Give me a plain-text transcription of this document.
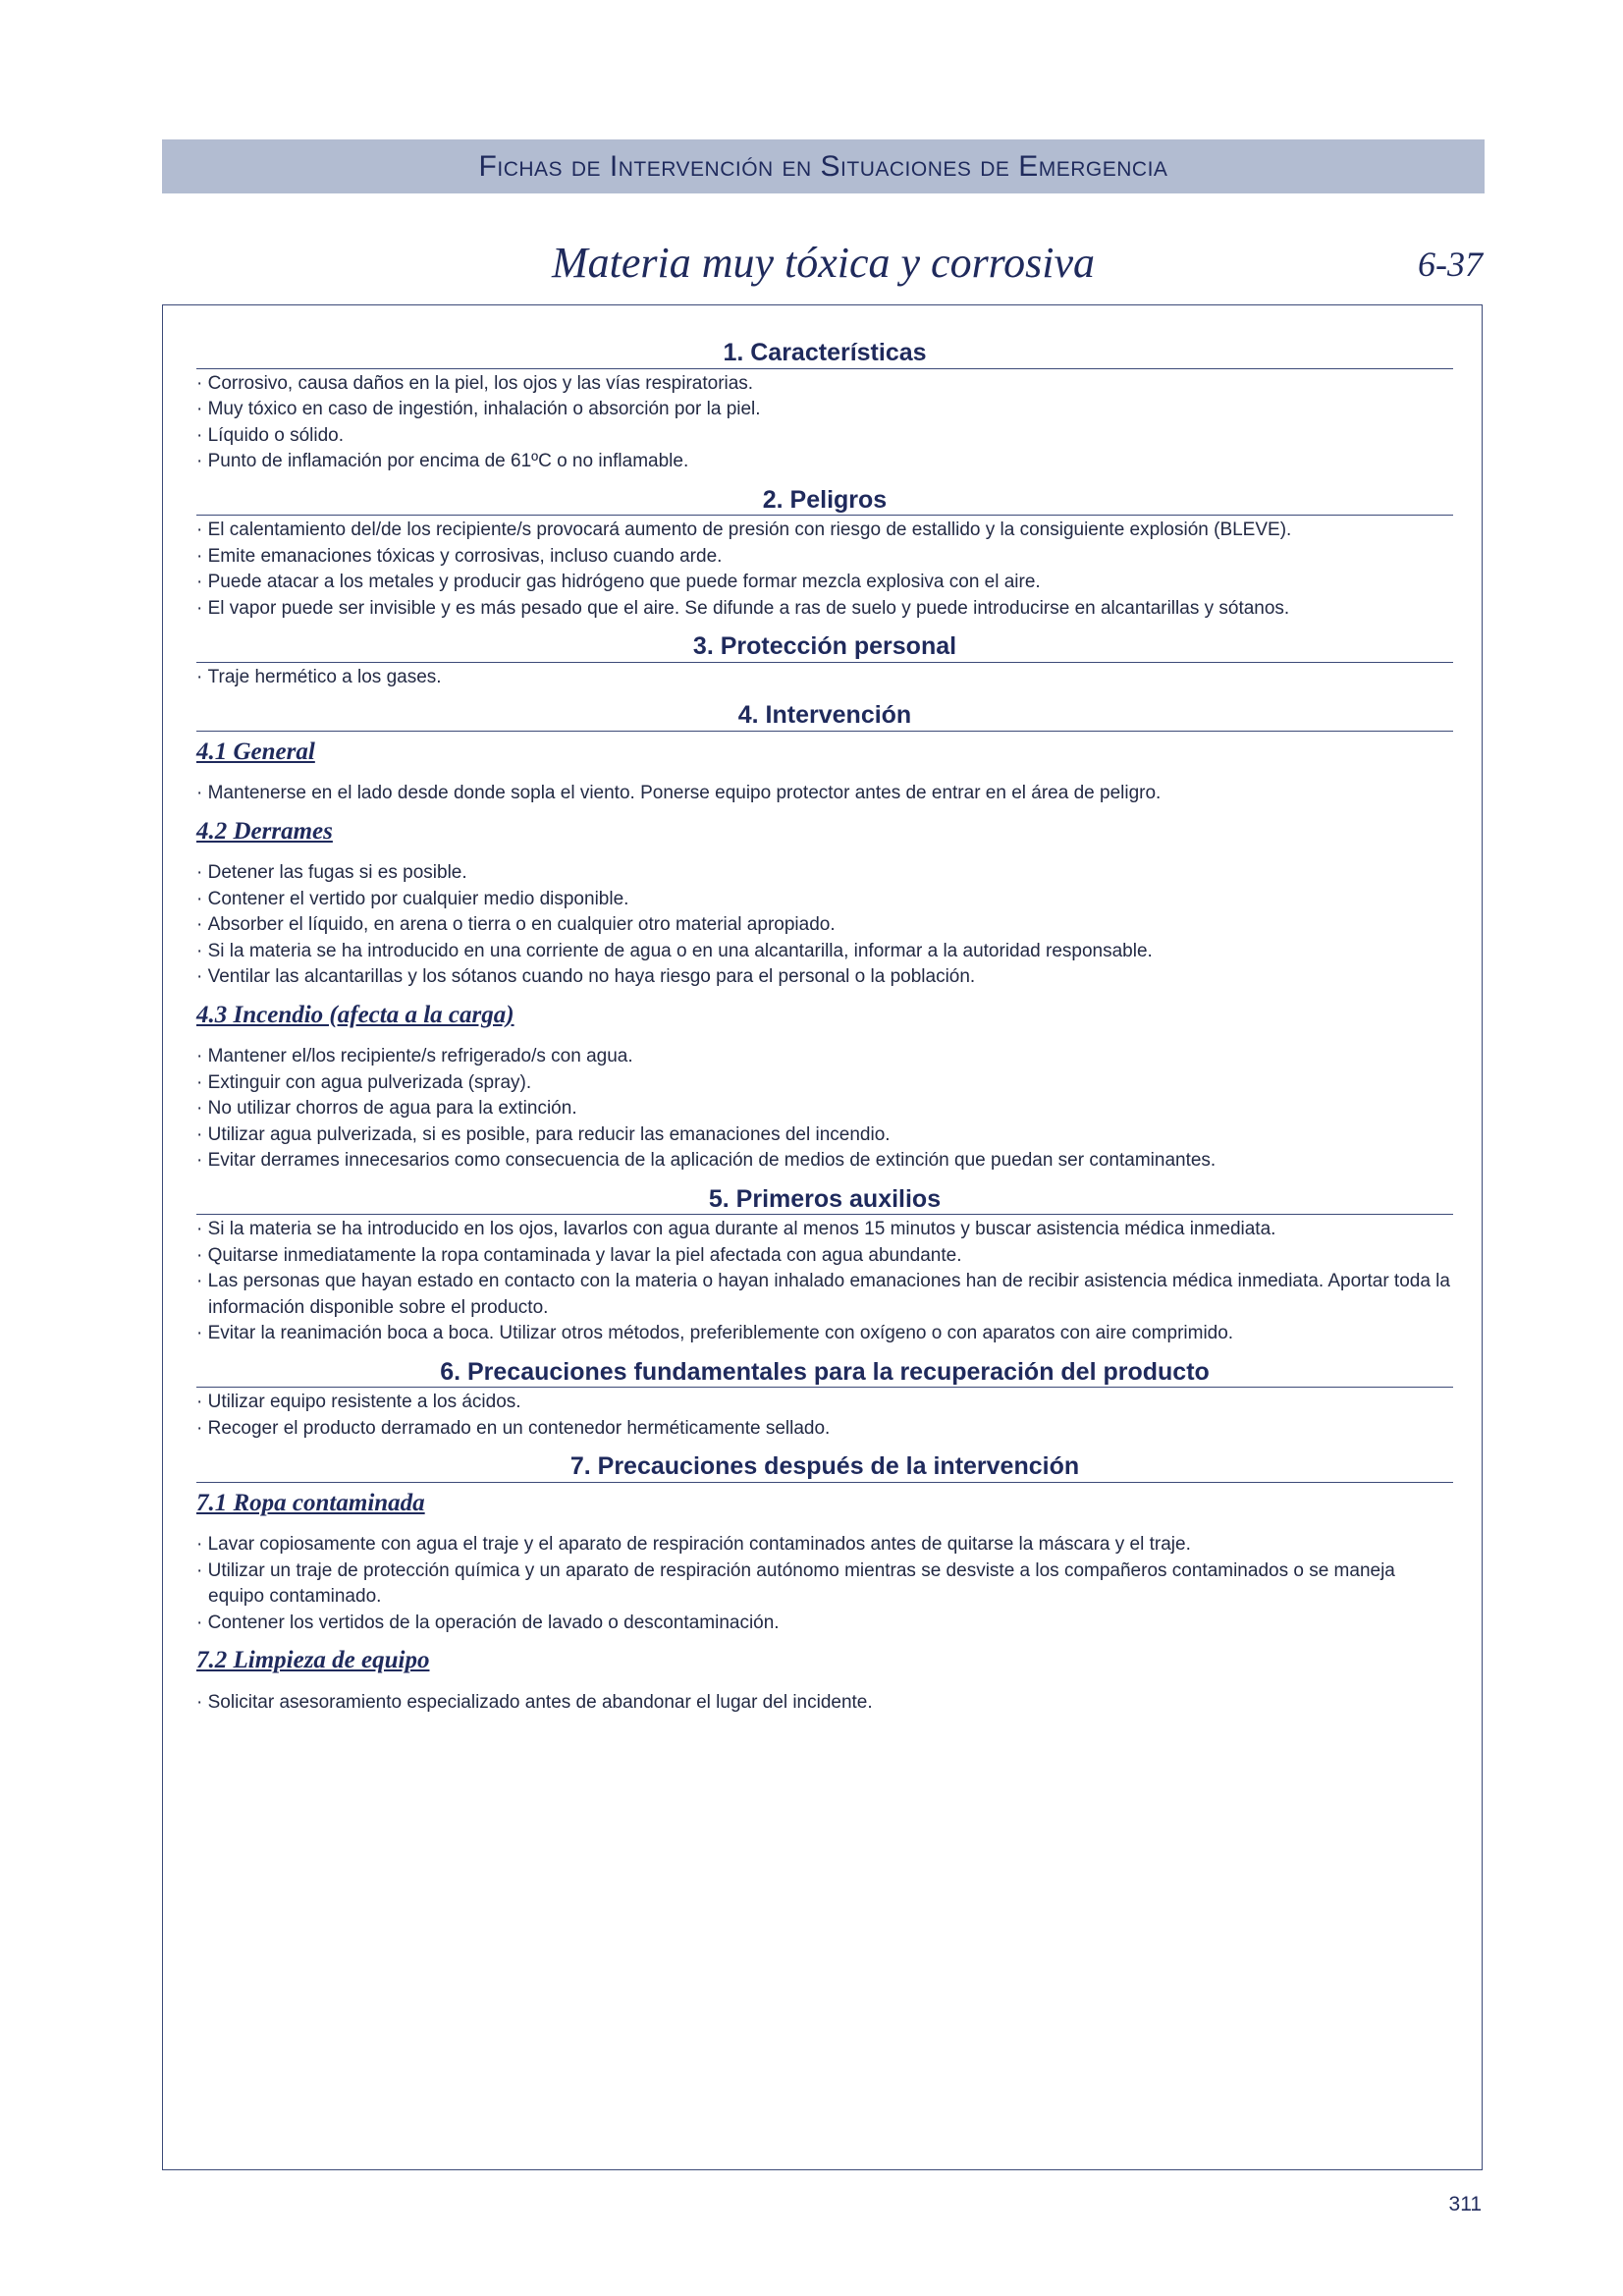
Fichas de Intervención en Situaciones de Emergencia
Materia muy tóxica y corrosiva	6-37
1. Características
· Corrosivo, causa daños en la piel, los ojos y las vías respiratorias.
· Muy tóxico en caso de ingestión, inhalación o absorción por la piel.
· Líquido o sólido.
· Punto de inflamación por encima de 61ºC o no inflamable.
2. Peligros
· El calentamiento del/de los recipiente/s provocará aumento de presión con riesgo de estallido y la consiguiente explosión (BLEVE).
· Emite emanaciones tóxicas y corrosivas, incluso cuando arde.
· Puede atacar a los metales y producir gas hidrógeno que puede formar mezcla explosiva con el aire.
· El vapor puede ser invisible y es más pesado que el aire. Se difunde a ras de suelo y puede introducirse en alcantarillas y sótanos.
3. Protección personal
· Traje hermético a los gases.
4. Intervención
4.1 General
· Mantenerse en el lado desde donde sopla el viento. Ponerse equipo protector antes de entrar en el área de peligro.
4.2 Derrames
· Detener las fugas si es posible.
· Contener el vertido por cualquier medio disponible.
· Absorber el líquido, en arena o tierra o en cualquier otro material apropiado.
· Si la materia se ha introducido en una corriente de agua o en una alcantarilla, informar a la autoridad responsable.
· Ventilar las alcantarillas y los sótanos cuando no haya riesgo para el personal o la población.
4.3 Incendio (afecta a la carga)
· Mantener el/los recipiente/s refrigerado/s con agua.
· Extinguir con agua pulverizada (spray).
· No utilizar chorros de agua para la extinción.
· Utilizar agua pulverizada, si es posible, para reducir las emanaciones del incendio.
· Evitar derrames innecesarios como consecuencia de la aplicación de medios de extinción que puedan ser contaminantes.
5. Primeros auxilios
· Si la materia se ha introducido en los ojos, lavarlos con agua durante al menos 15 minutos y buscar asistencia médica inmediata.
· Quitarse inmediatamente la ropa contaminada y lavar la piel afectada con agua abundante.
· Las personas que hayan estado en contacto con la materia o hayan inhalado emanaciones han de recibir asistencia médica inmediata. Aportar toda la información disponible sobre el producto.
· Evitar la reanimación boca a boca. Utilizar otros métodos, preferiblemente con oxígeno o con aparatos con aire comprimido.
6. Precauciones fundamentales para la recuperación del producto
· Utilizar equipo resistente a los ácidos.
· Recoger el producto derramado en un contenedor herméticamente sellado.
7. Precauciones después de la intervención
7.1 Ropa contaminada
· Lavar copiosamente con agua el traje y el aparato de respiración contaminados antes de quitarse la máscara y el traje.
· Utilizar un traje de protección química y un aparato de respiración autónomo mientras se desviste a los compañeros contaminados o se maneja equipo contaminado.
· Contener los vertidos de la operación de lavado o descontaminación.
7.2 Limpieza de equipo
· Solicitar asesoramiento especializado antes de abandonar el lugar del incidente.
311
